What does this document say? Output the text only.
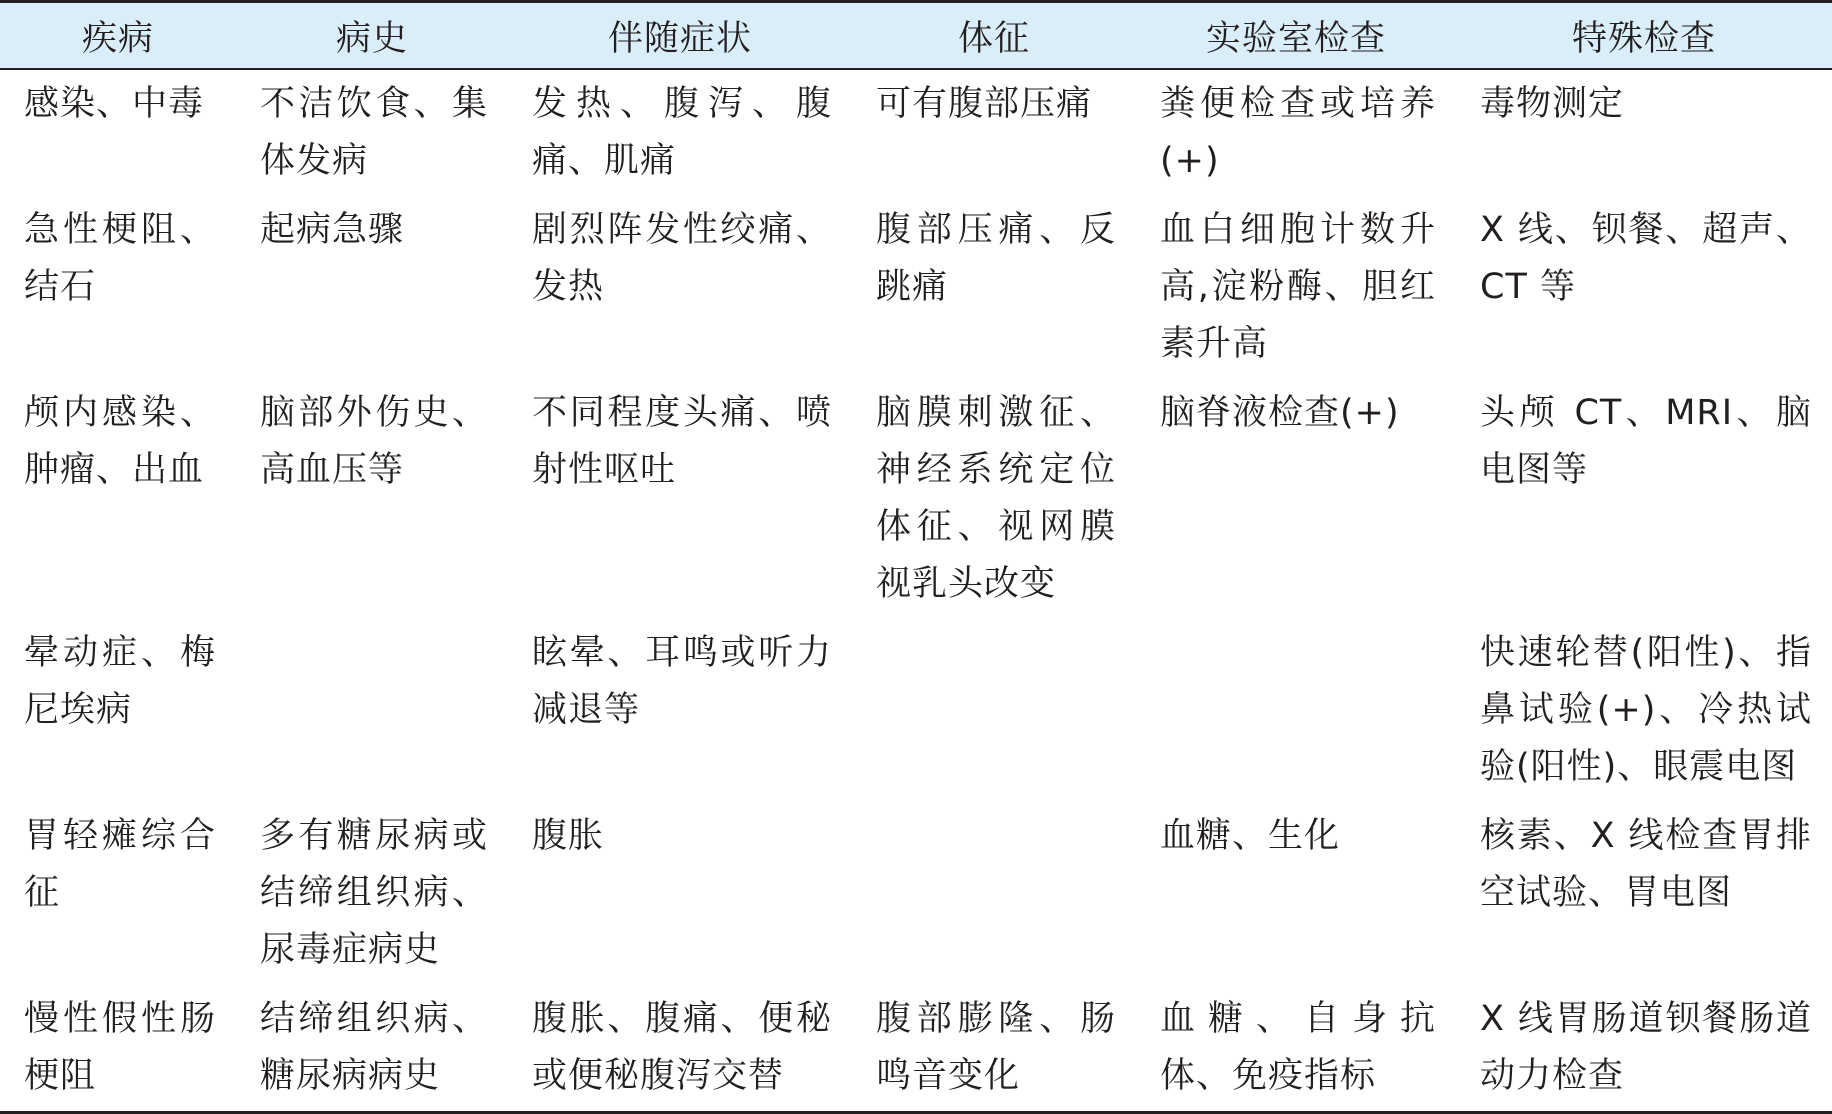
疾病	病史	伴随症状	体征	实验室检查	特殊检查
感染、中毒	不洁饮食、集体发病	发热、腹泻、腹痛、肌痛	可有腹部压痛	粪便检查或培养(+)	毒物测定
急性梗阻、结石	起病急骤	剧烈阵发性绞痛、发热	腹部压痛、反跳痛	血白细胞计数升高,淀粉酶、胆红素升高	X 线、钡餐、超声、CT 等
颅内感染、肿瘤、出血	脑部外伤史、高血压等	不同程度头痛、喷射性呕吐	脑膜刺激征、神经系统定位体征、视网膜视乳头改变	脑脊液检查(+)	头颅 CT、MRI、脑电图等
晕动症、梅尼埃病		眩晕、耳鸣或听力减退等			快速轮替(阳性)、指鼻试验(+)、冷热试验(阳性)、眼震电图
胃轻瘫综合征	多有糖尿病或结缔组织病、尿毒症病史	腹胀		血糖、生化	核素、X 线检查胃排空试验、胃电图
慢性假性肠梗阻	结缔组织病、糖尿病病史	腹胀、腹痛、便秘或便秘腹泻交替	腹部膨隆、肠鸣音变化	血糖、自身抗体、免疫指标	X 线胃肠道钡餐肠道动力检查
